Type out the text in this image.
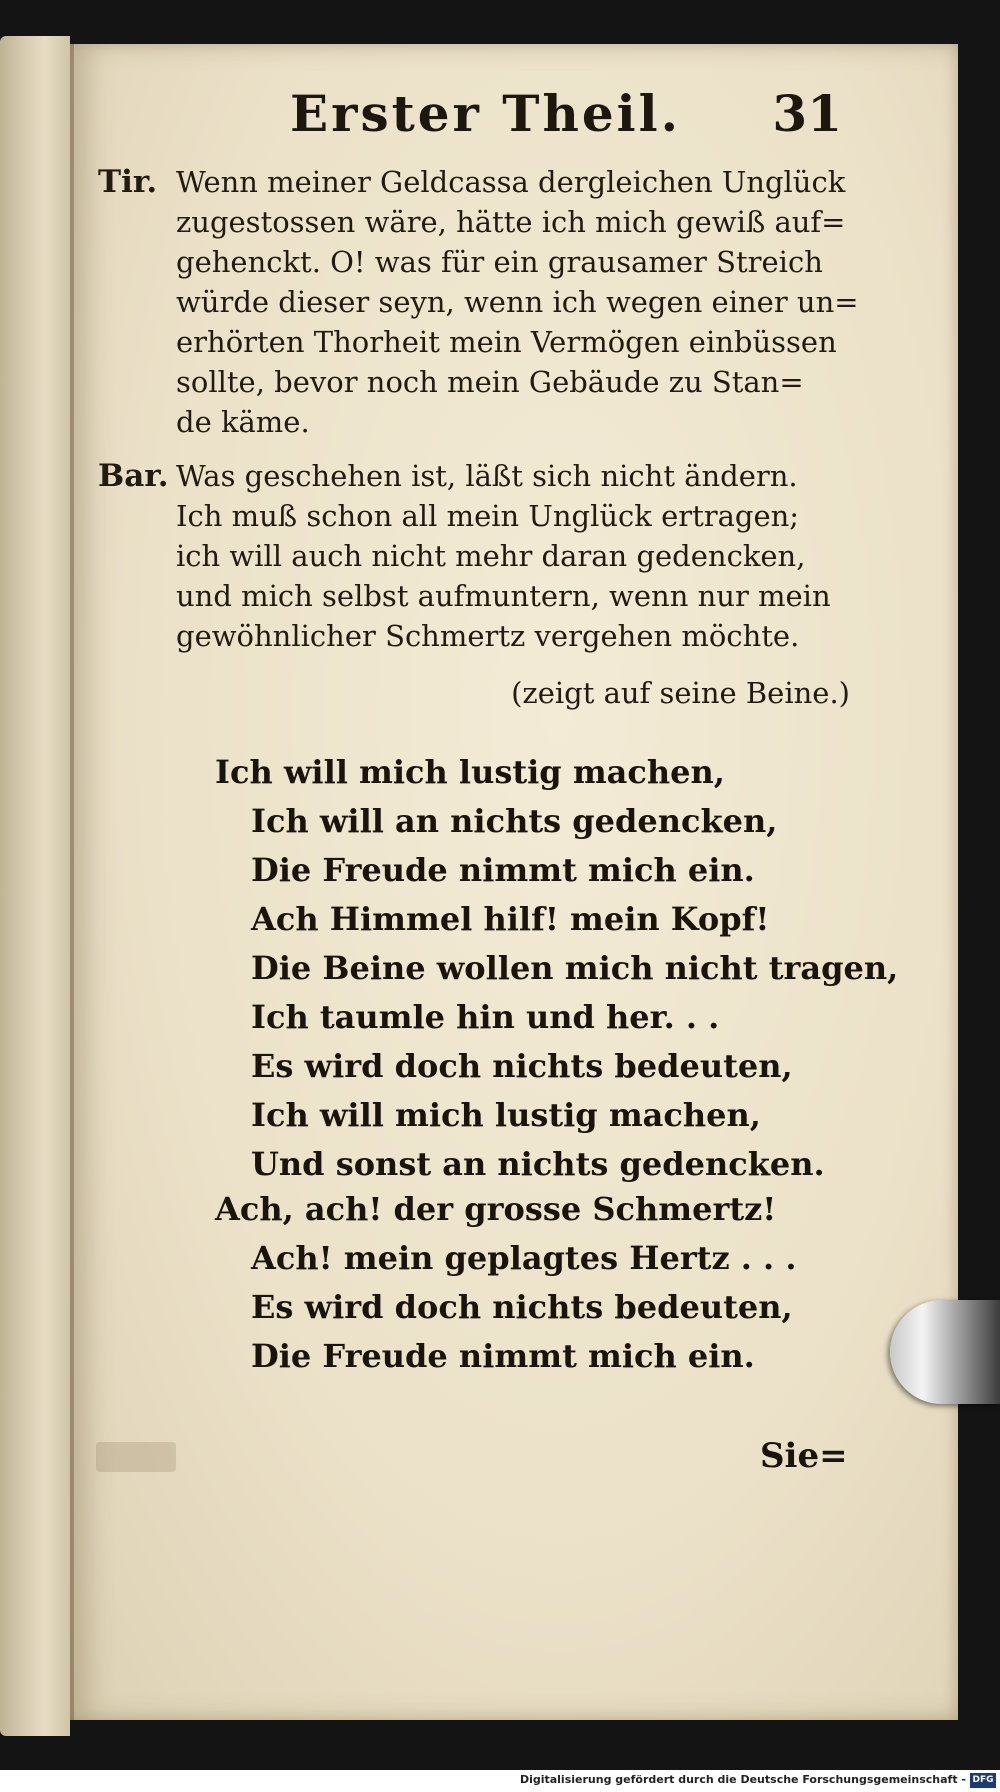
Erster Theil. 31
Tir. Wenn meiner Geldcassa dergleichen Unglück
zugestossen wäre, hätte ich mich gewiß auf=
gehenckt. O! was für ein grausamer Streich
würde dieser seyn, wenn ich wegen einer un=
erhörten Thorheit mein Vermögen einbüssen
sollte, bevor noch mein Gebäude zu Stan=
de käme.
Bar. Was geschehen ist, läßt sich nicht ändern.
Ich muß schon all mein Unglück ertragen;
ich will auch nicht mehr daran gedencken,
und mich selbst aufmuntern, wenn nur mein
gewöhnlicher Schmertz vergehen möchte.
(zeigt auf seine Beine.)
Ich will mich lustig machen,
Ich will an nichts gedencken,
Die Freude nimmt mich ein.
Ach Himmel hilf! mein Kopf!
Die Beine wollen mich nicht tragen,
Ich taumle hin und her. . .
Es wird doch nichts bedeuten,
Ich will mich lustig machen,
Und sonst an nichts gedencken.
Ach, ach! der grosse Schmertz!
Ach! mein geplagtes Hertz . . .
Es wird doch nichts bedeuten,
Die Freude nimmt mich ein.
Sie=
Digitalisierung gefördert durch die Deutsche Forschungsgemeinschaft - DFG
